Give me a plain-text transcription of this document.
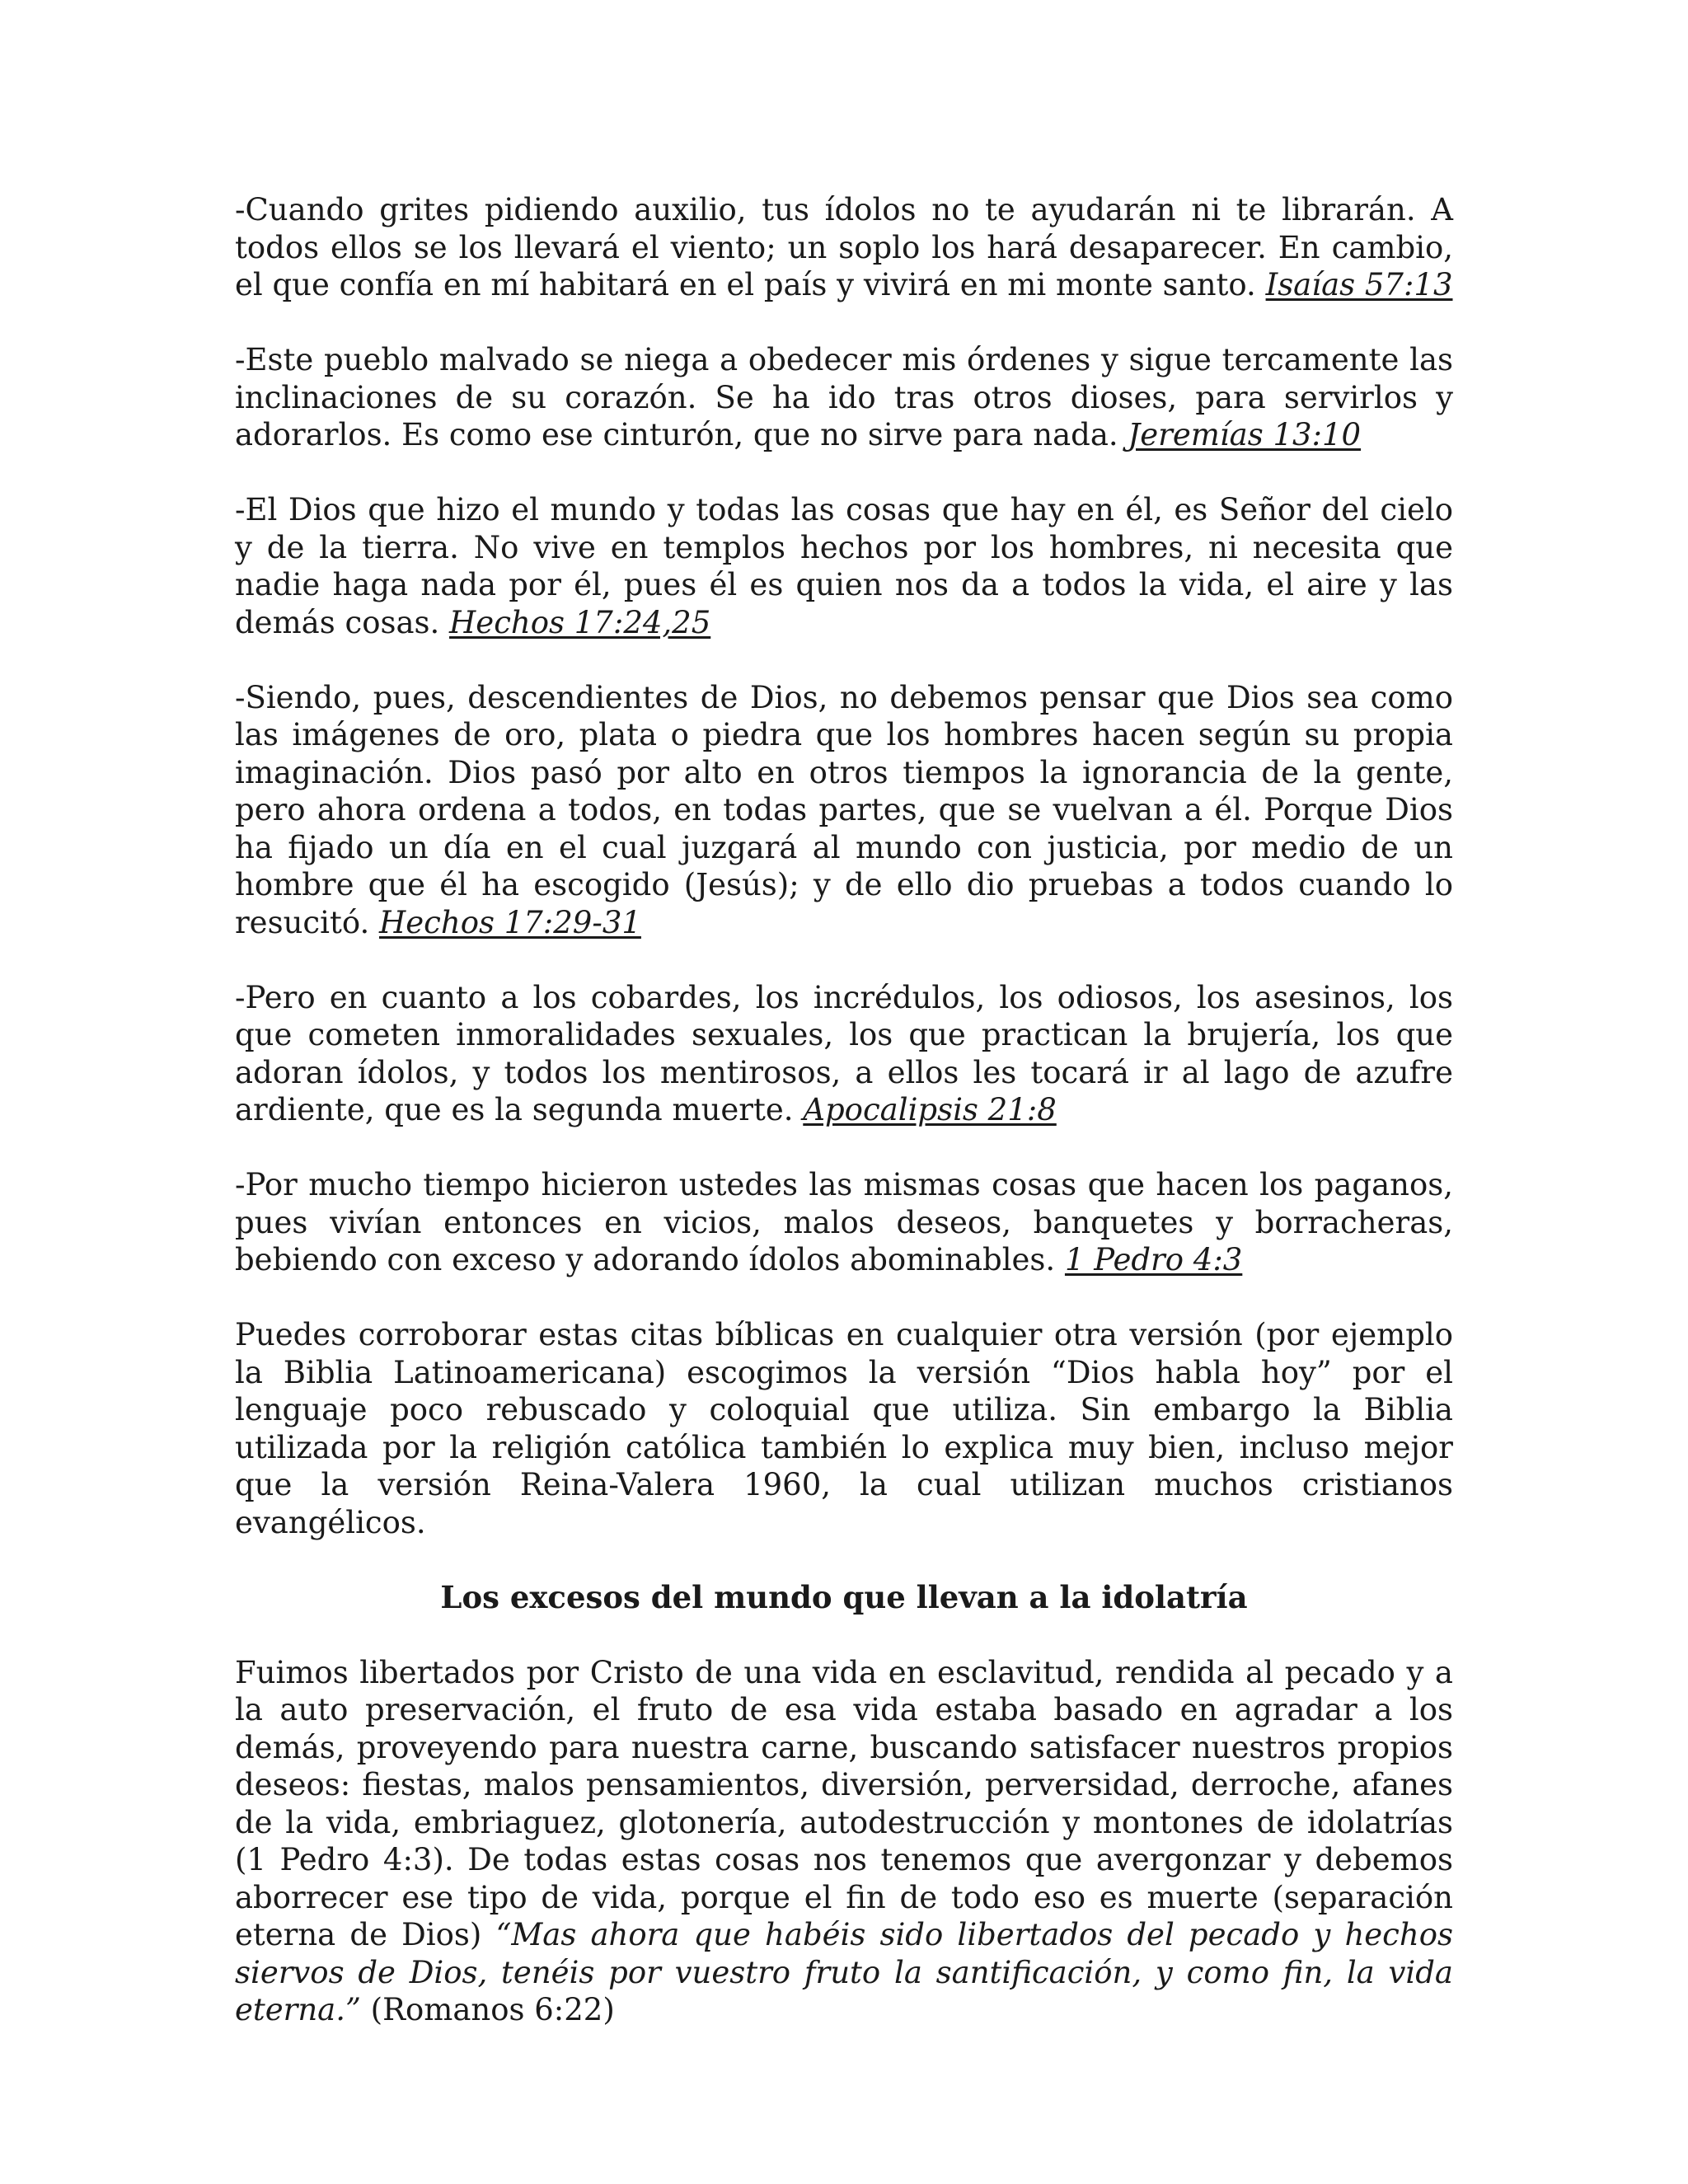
-Cuando grites pidiendo auxilio, tus ídolos no te ayudarán ni te librarán. A todos ellos se los llevará el viento; un soplo los hará desaparecer. En cambio, el que confía en mí habitará en el país y vivirá en mi monte santo. Isaías 57:13

-Este pueblo malvado se niega a obedecer mis órdenes y sigue tercamente las inclinaciones de su corazón. Se ha ido tras otros dioses, para servirlos y adorarlos. Es como ese cinturón, que no sirve para nada. Jeremías 13:10

-El Dios que hizo el mundo y todas las cosas que hay en él, es Señor del cielo y de la tierra. No vive en templos hechos por los hombres, ni necesita que nadie haga nada por él, pues él es quien nos da a todos la vida, el aire y las demás cosas. Hechos 17:24,25

-Siendo, pues, descendientes de Dios, no debemos pensar que Dios sea como las imágenes de oro, plata o piedra que los hombres hacen según su propia imaginación. Dios pasó por alto en otros tiempos la ignorancia de la gente, pero ahora ordena a todos, en todas partes, que se vuelvan a él. Porque Dios ha fijado un día en el cual juzgará al mundo con justicia, por medio de un hombre que él ha escogido (Jesús); y de ello dio pruebas a todos cuando lo resucitó. Hechos 17:29-31

-Pero en cuanto a los cobardes, los incrédulos, los odiosos, los asesinos, los que cometen inmoralidades sexuales, los que practican la brujería, los que adoran ídolos, y todos los mentirosos, a ellos les tocará ir al lago de azufre ardiente, que es la segunda muerte. Apocalipsis 21:8

-Por mucho tiempo hicieron ustedes las mismas cosas que hacen los paganos, pues vivían entonces en vicios, malos deseos, banquetes y borracheras, bebiendo con exceso y adorando ídolos abominables. 1 Pedro 4:3

Puedes corroborar estas citas bíblicas en cualquier otra versión (por ejemplo la Biblia Latinoamericana) escogimos la versión “Dios habla hoy” por el lenguaje poco rebuscado y coloquial que utiliza. Sin embargo la Biblia utilizada por la religión católica también lo explica muy bien, incluso mejor que la versión Reina-Valera 1960, la cual utilizan muchos cristianos evangélicos.

Los excesos del mundo que llevan a la idolatría

Fuimos libertados por Cristo de una vida en esclavitud, rendida al pecado y a la auto preservación, el fruto de esa vida estaba basado en agradar a los demás, proveyendo para nuestra carne, buscando satisfacer nuestros propios deseos: fiestas, malos pensamientos, diversión, perversidad, derroche, afanes de la vida, embriaguez, glotonería, autodestrucción y montones de idolatrías (1 Pedro 4:3). De todas estas cosas nos tenemos que avergonzar y debemos aborrecer ese tipo de vida, porque el fin de todo eso es muerte (separación eterna de Dios) “Mas ahora que habéis sido libertados del pecado y hechos siervos de Dios, tenéis por vuestro fruto la santificación, y como fin, la vida eterna.” (Romanos 6:22)
